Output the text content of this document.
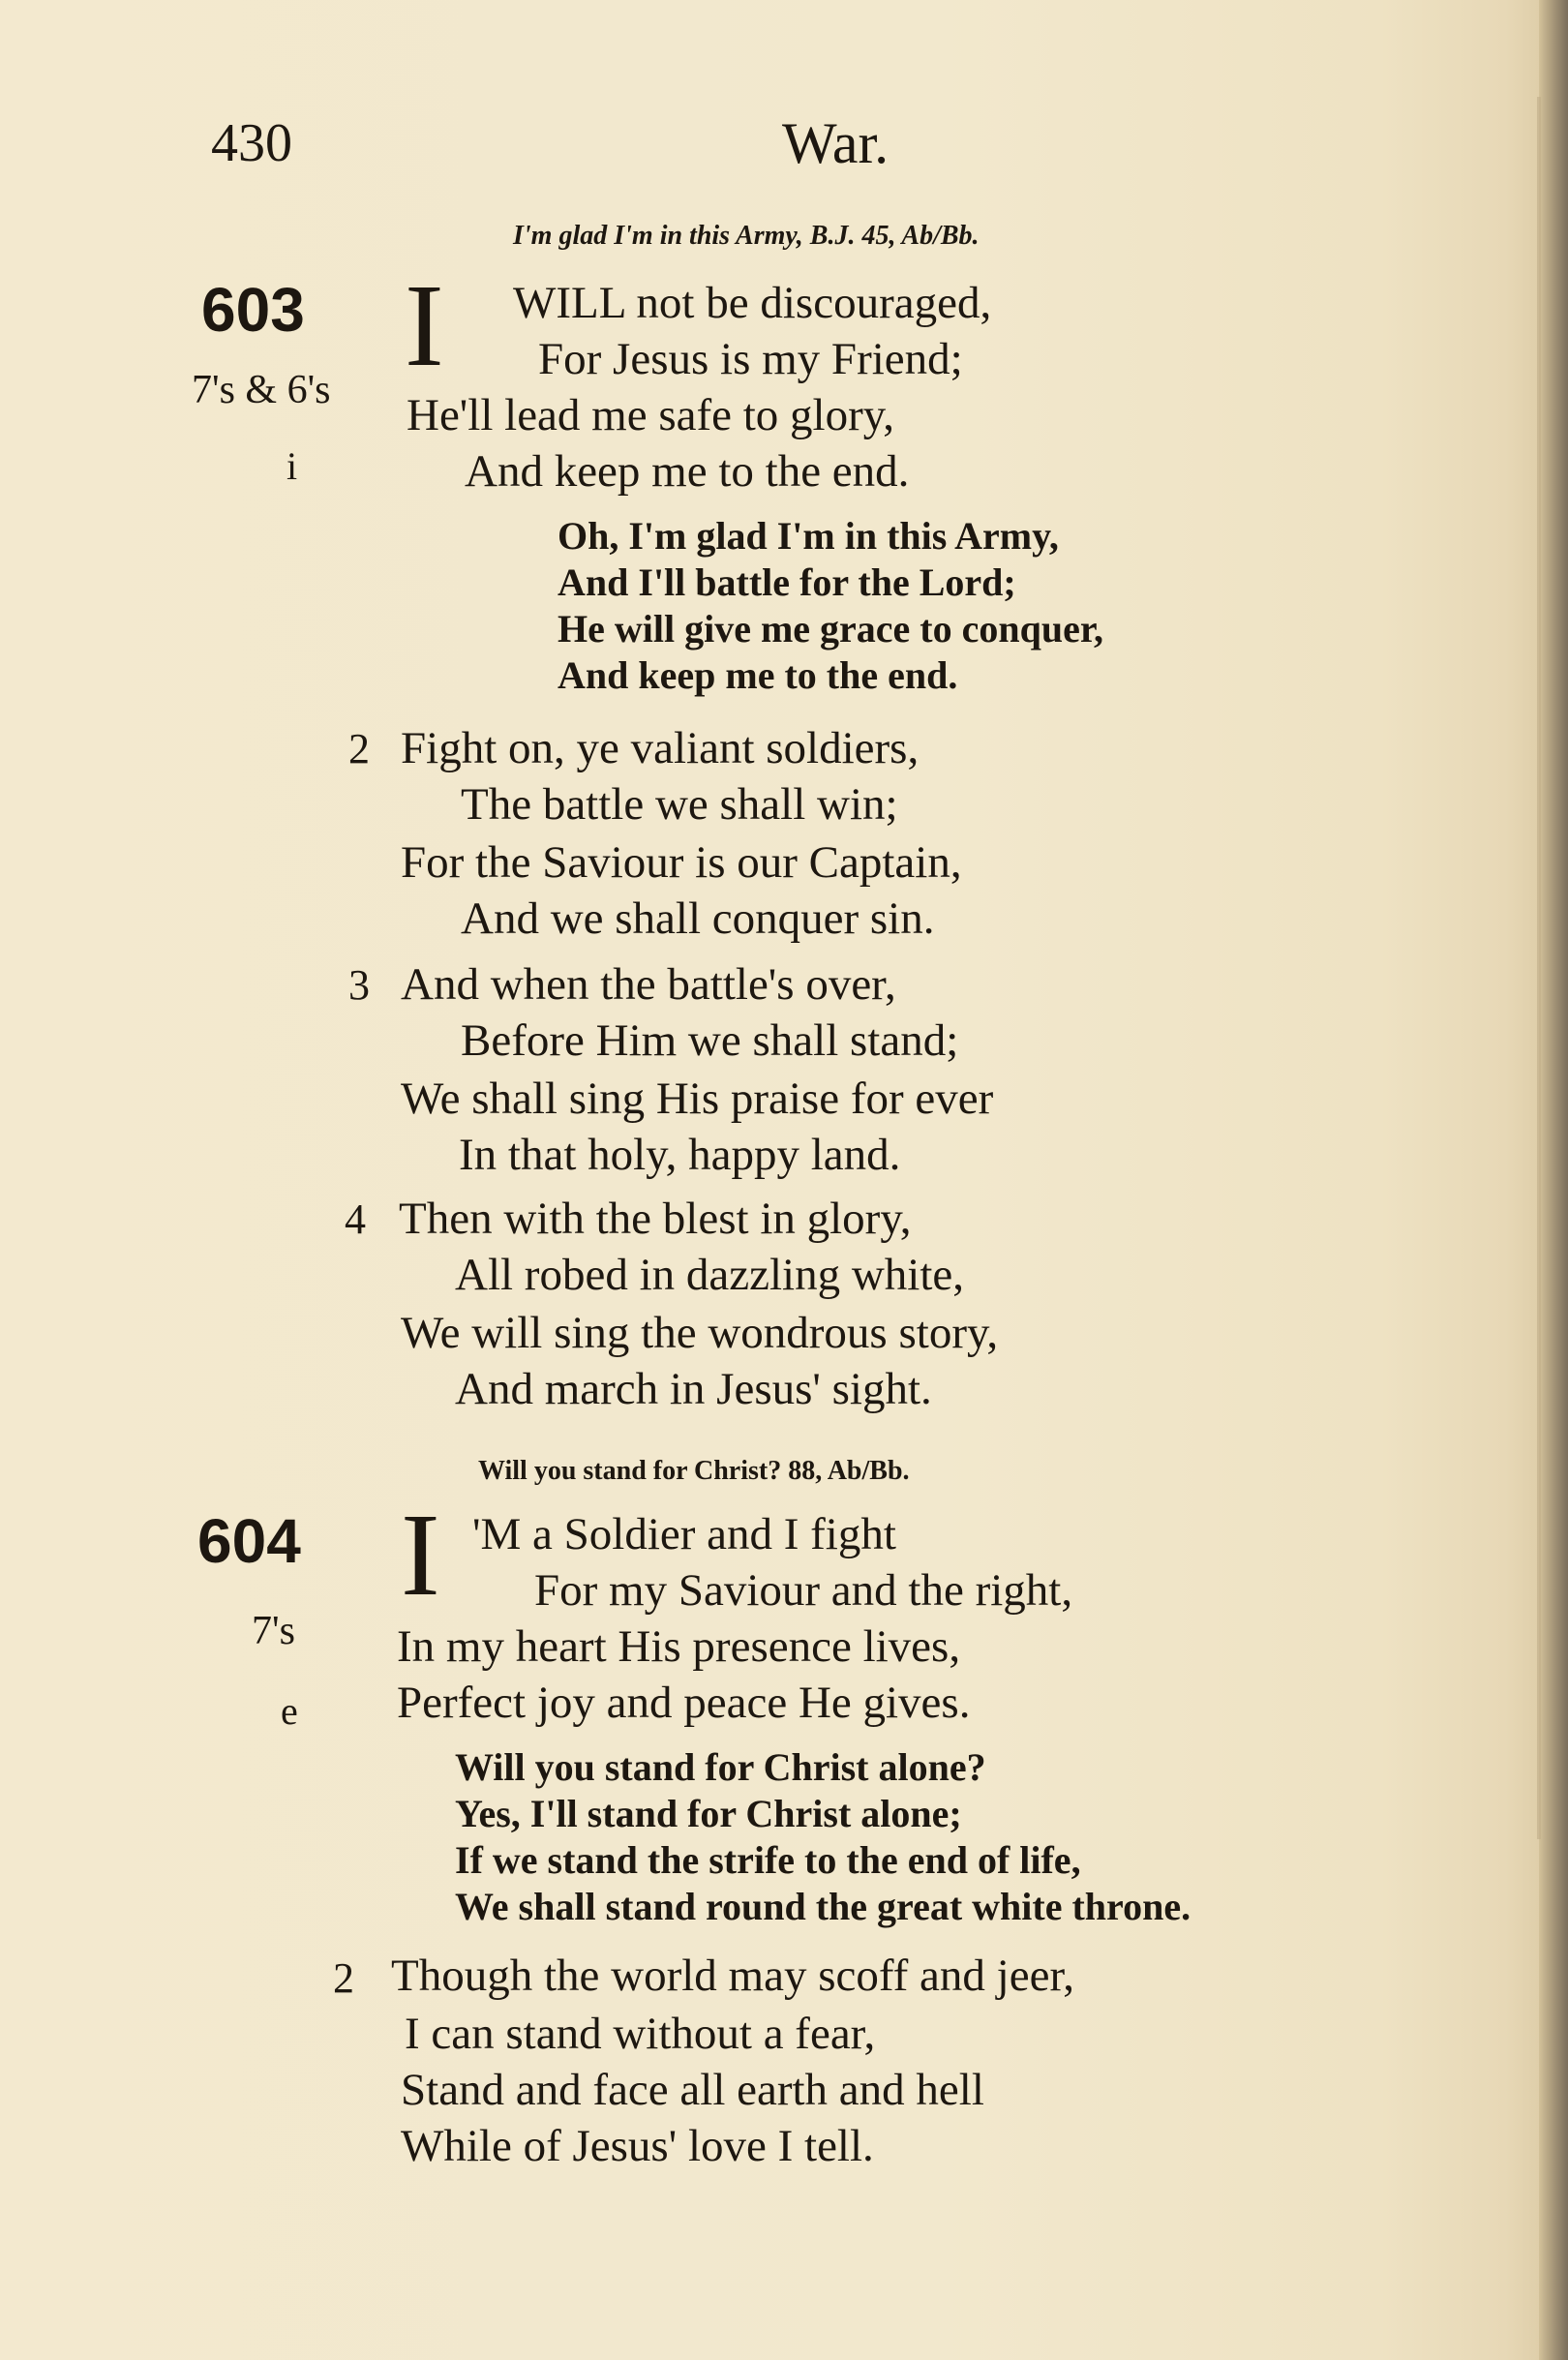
430	War.
I'm glad I'm in this Army, B.J. 45, Ab/Bb.
603
7's & 6's
i
I WILL not be discouraged,
For Jesus is my Friend;
He'll lead me safe to glory,
And keep me to the end.
Oh, I'm glad I'm in this Army,
And I'll battle for the Lord;
He will give me grace to conquer,
And keep me to the end.
2 Fight on, ye valiant soldiers,
The battle we shall win;
For the Saviour is our Captain,
And we shall conquer sin.
3 And when the battle's over,
Before Him we shall stand;
We shall sing His praise for ever
In that holy, happy land.
4 Then with the blest in glory,
All robed in dazzling white,
We will sing the wondrous story,
And march in Jesus' sight.
Will you stand for Christ? 88, Ab/Bb.
604
7's
e
I 'M a Soldier and I fight
For my Saviour and the right,
In my heart His presence lives,
Perfect joy and peace He gives.
Will you stand for Christ alone?
Yes, I'll stand for Christ alone;
If we stand the strife to the end of life,
We shall stand round the great white throne.
2 Though the world may scoff and jeer,
I can stand without a fear,
Stand and face all earth and hell
While of Jesus' love I tell.
